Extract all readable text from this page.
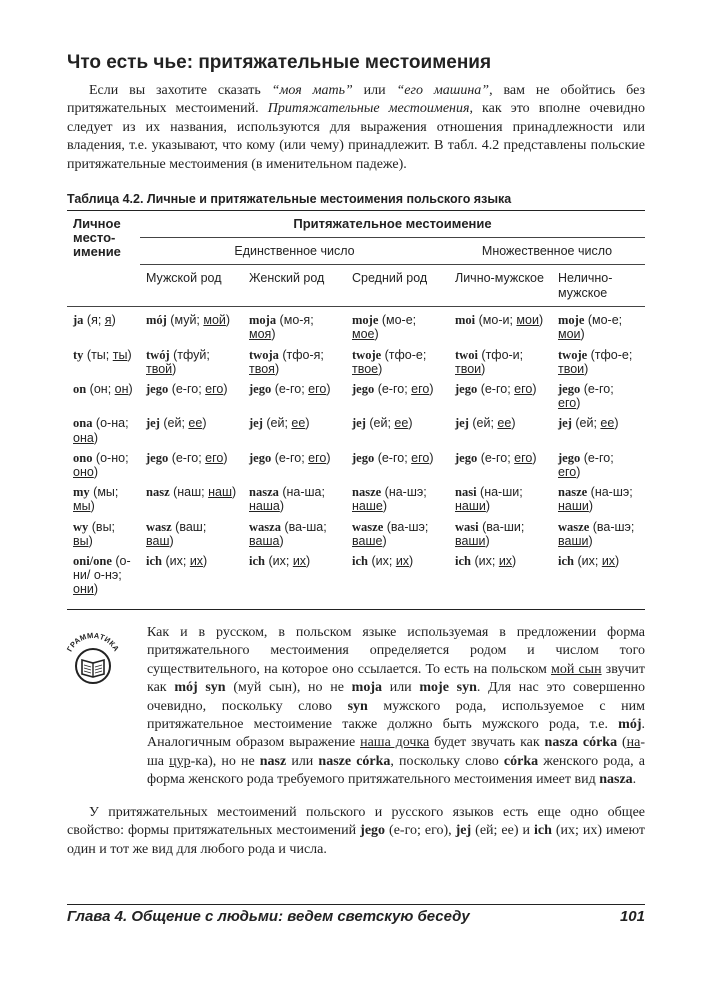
Что есть чье: притяжательные местоимения

Если вы захотите сказать “моя мать” или “его машина”, вам не обойтись без притяжательных местоимений. Притяжательные местоимения, как это вполне очевидно следует из их названия, используются для выражения отношения принадлежности или владения, т.е. указывают, что кому (или чему) принадлежит. В табл. 4.2 представлены польские притяжательные местоимения (в именительном падеже).

Таблица 4.2. Личные и притяжательные местоимения польского языка
Личное место-имение	Притяжательное местоимение				
	Единственное число			Множественное число	
	Мужской род	Женский род	Средний род	Лично-мужское	Нелично-мужское
ja (я; я)	mój (муй; мой)	moja (мо-я; моя)	moje (мо-е; мое)	moi (мо-и; мои)	moje (мо-е; мои)
ty (ты; ты)	twój (тфуй; твой)	twoja (тфо-я; твоя)	twoje (тфо-е; твое)	twoi (тфо-и; твои)	twoje (тфо-е; твои)
on (он; он)	jego (е-го; его)	jego (е-го; его)	jego (е-го; его)	jego (е-го; его)	jego (е-го; его)
ona (о-на; она)	jej (ей; ее)	jej (ей; ее)	jej (ей; ее)	jej (ей; ее)	jej (ей; ее)
ono (о-но; оно)	jego (е-го; его)	jego (е-го; его)	jego (е-го; его)	jego (е-го; его)	jego (е-го; его)
my (мы; мы)	nasz (наш; наш)	nasza (на-ша; наша)	nasze (на-шэ; наше)	nasi (на-ши; наши)	nasze (на-шэ; наши)
wy (вы; вы)	wasz (ваш; ваш)	wasza (ва-ша; ваша)	wasze (ва-шэ; ваше)	wasi (ва-ши; ваши)	wasze (ва-шэ; ваши)
oni/one (о-ни/ о-нэ; они)	ich (их; их)	ich (их; их)	ich (их; их)	ich (их; их)	ich (их; их)
ГРАММАТИКА

Как и в русском, в польском языке используемая в предложении форма притяжательного местоимения определяется родом и числом того существительного, на которое оно ссылается. То есть на польском мой сын звучит как mój syn (муй сын), но не moja или moje syn. Для нас это совершенно очевидно, поскольку слово syn мужского рода, используемое с ним притяжательное местоимение также должно быть мужского рода, т.е. mój. Аналогичным образом выражение наша дочка будет звучать как nasza córka (на-ша цур-ка), но не nasz или nasze córka, поскольку слово córka женского рода, а форма женского рода требуемого притяжательного местоимения имеет вид nasza.

У притяжательных местоимений польского и русского языков есть еще одно общее свойство: формы притяжательных местоимений jego (е-го; его), jej (ей; ее) и ich (их; их) имеют один и тот же вид для любого рода и числа.

Глава 4. Общение с людьми: ведем светскую беседу	101
